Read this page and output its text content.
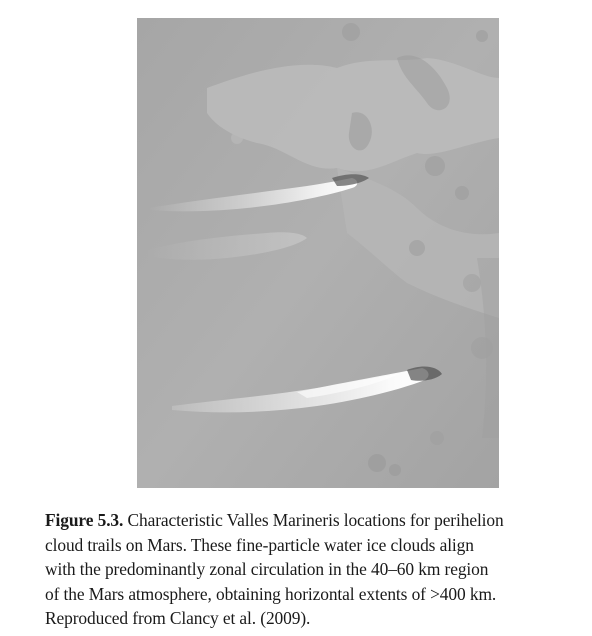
Figure 5.3. Characteristic Valles Marineris locations for perihelion
cloud trails on Mars. These fine-particle water ice clouds align
with the predominantly zonal circulation in the 40–60 km region
of the Mars atmosphere, obtaining horizontal extents of >400 km.
Reproduced from Clancy et al. (2009).
